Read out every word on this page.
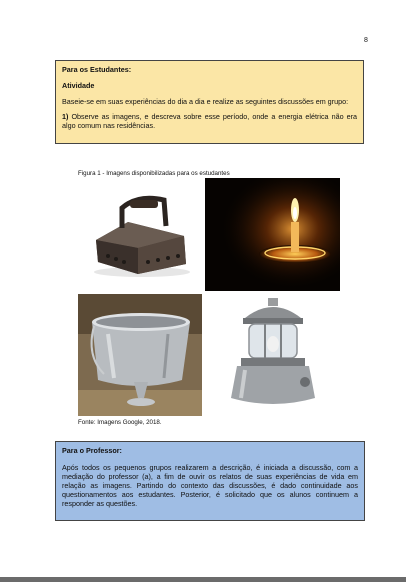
8
Para os Estudantes:
Atividade

Baseie-se em suas experiências do dia a dia e realize as seguintes discussões em grupo:

1) Observe as imagens, e descreva sobre esse período, onde a energia elétrica não era algo comum nas residências.

Figura 1 - Imagens disponibilizadas para os estudantes
Fonte: Imagens Google, 2018.
Para o Professor:

Após todos os pequenos grupos realizarem a descrição, é iniciada a discussão, com a mediação do professor (a), a fim de ouvir os relatos de suas experiências de vida em relação as imagens. Partindo do contexto das discussões, é dado continuidade aos questionamentos aos estudantes. Posterior, é solicitado que os alunos continuem a responder as questões.
